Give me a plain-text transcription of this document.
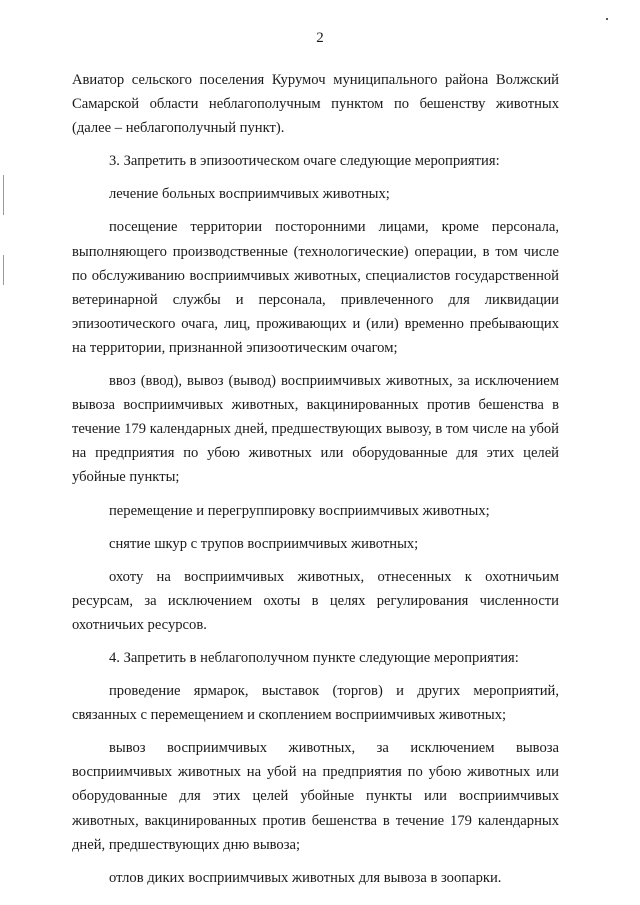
2

Авиатор сельского поселения Курумоч муниципального района Волжский Самарской области неблагополучным пунктом по бешенству животных (далее – неблагополучный пункт).

3. Запретить в эпизоотическом очаге следующие мероприятия:

лечение больных восприимчивых животных;

посещение территории посторонними лицами, кроме персонала, выполняющего производственные (технологические) операции, в том числе по обслуживанию восприимчивых животных, специалистов государственной ветеринарной службы и персонала, привлеченного для ликвидации эпизоотического очага, лиц, проживающих и (или) временно пребывающих на территории, признанной эпизоотическим очагом;

ввоз (ввод), вывоз (вывод) восприимчивых животных, за исключением вывоза восприимчивых животных, вакцинированных против бешенства в течение 179 календарных дней, предшествующих вывозу, в том числе на убой на предприятия по убою животных или оборудованные для этих целей убойные пункты;

перемещение и перегруппировку восприимчивых животных;

снятие шкур с трупов восприимчивых животных;

охоту на восприимчивых животных, отнесенных к охотничьим ресурсам, за исключением охоты в целях регулирования численности охотничьих ресурсов.

4. Запретить в неблагополучном пункте следующие мероприятия:

проведение ярмарок, выставок (торгов) и других мероприятий, связанных с перемещением и скоплением восприимчивых животных;

вывоз восприимчивых животных, за исключением вывоза восприимчивых животных на убой на предприятия по убою животных или оборудованные для этих целей убойные пункты или восприимчивых животных, вакцинированных против бешенства в течение 179 календарных дней, предшествующих дню вывоза;

отлов диких восприимчивых животных для вывоза в зоопарки.
